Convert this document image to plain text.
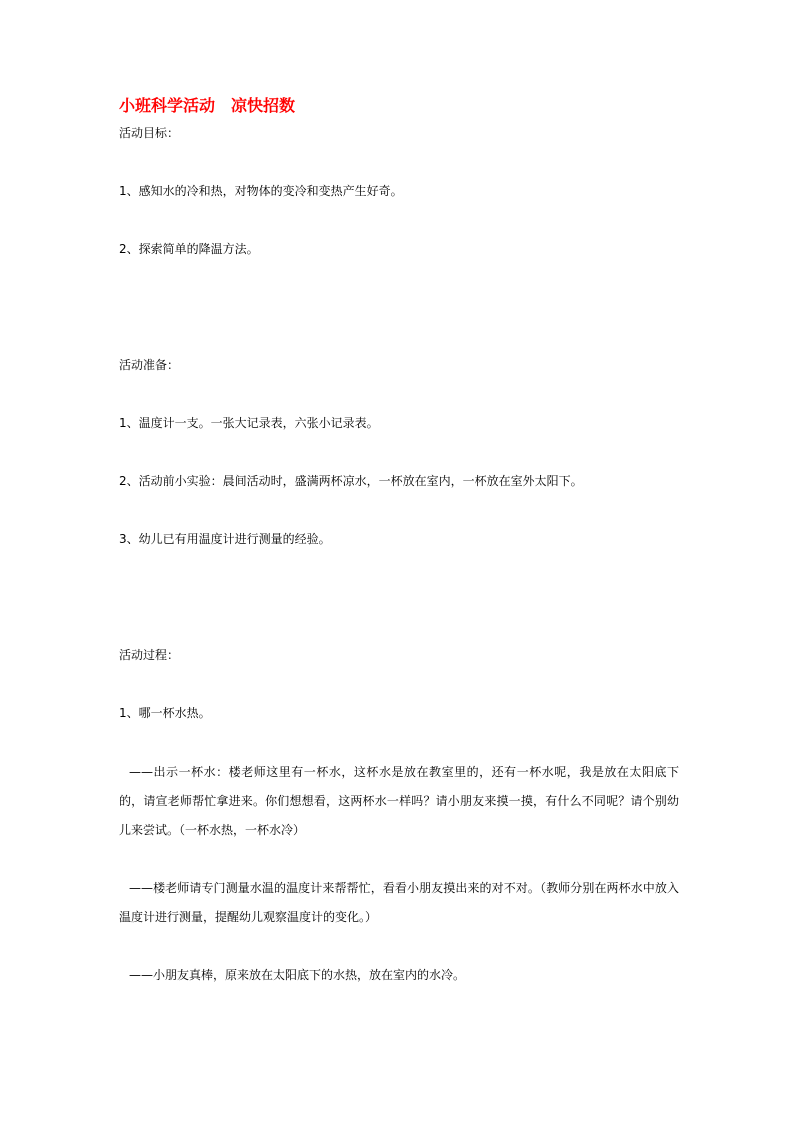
小班科学活动　凉快招数
活动目标：
1、感知水的冷和热，对物体的变冷和变热产生好奇。
2、探索简单的降温方法。
活动准备：
1、温度计一支。一张大记录表，六张小记录表。
2、活动前小实验：晨间活动时，盛满两杯凉水，一杯放在室内，一杯放在室外太阳下。
3、幼儿已有用温度计进行测量的经验。
活动过程：
1、哪一杯水热。
——出示一杯水：楼老师这里有一杯水，这杯水是放在教室里的，还有一杯水呢，我是放在太阳底下的，请宣老师帮忙拿进来。你们想想看，这两杯水一样吗？请小朋友来摸一摸，有什么不同呢？请个别幼儿来尝试。（一杯水热，一杯水冷）
——楼老师请专门测量水温的温度计来帮帮忙，看看小朋友摸出来的对不对。（教师分别在两杯水中放入温度计进行测量，提醒幼儿观察温度计的变化。）
——小朋友真棒，原来放在太阳底下的水热，放在室内的水冷。
